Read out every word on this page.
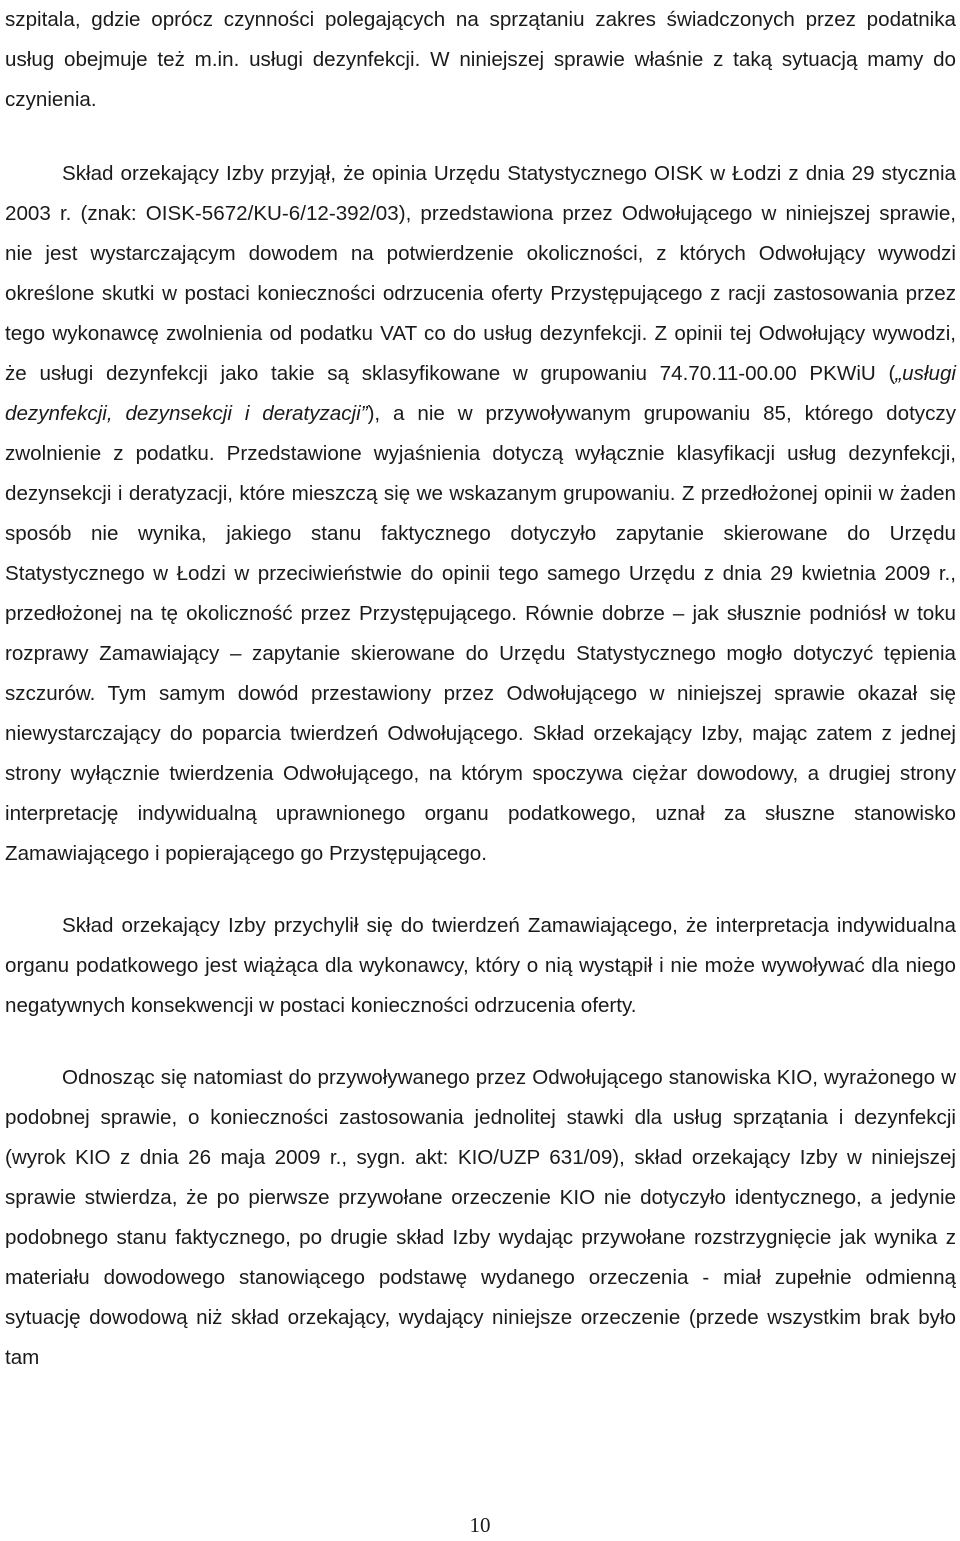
szpitala, gdzie oprócz czynności polegających na sprzątaniu zakres świadczonych przez podatnika usług obejmuje też m.in. usługi dezynfekcji. W niniejszej sprawie właśnie z taką sytuacją mamy do czynienia.

Skład orzekający Izby przyjął, że opinia Urzędu Statystycznego OISK w Łodzi z dnia 29 stycznia 2003 r. (znak: OISK-5672/KU-6/12-392/03), przedstawiona przez Odwołującego w niniejszej sprawie, nie jest wystarczającym dowodem na potwierdzenie okoliczności, z których Odwołujący wywodzi określone skutki w postaci konieczności odrzucenia oferty Przystępującego z racji zastosowania przez tego wykonawcę zwolnienia od podatku VAT co do usług dezynfekcji. Z opinii tej Odwołujący wywodzi, że usługi dezynfekcji jako takie są sklasyfikowane w grupowaniu 74.70.11-00.00 PKWiU („usługi dezynfekcji, dezynsekcji i deratyzacji”), a nie w przywoływanym grupowaniu 85, którego dotyczy zwolnienie z podatku. Przedstawione wyjaśnienia dotyczą wyłącznie klasyfikacji usług dezynfekcji, dezynsekcji i deratyzacji, które mieszczą się we wskazanym grupowaniu. Z przedłożonej opinii w żaden sposób nie wynika, jakiego stanu faktycznego dotyczyło zapytanie skierowane do Urzędu Statystycznego w Łodzi w przeciwieństwie do opinii tego samego Urzędu z dnia 29 kwietnia 2009 r., przedłożonej na tę okoliczność przez Przystępującego. Równie dobrze – jak słusznie podniósł w toku rozprawy Zamawiający – zapytanie skierowane do Urzędu Statystycznego mogło dotyczyć tępienia szczurów. Tym samym dowód przestawiony przez Odwołującego w niniejszej sprawie okazał się niewystarczający do poparcia twierdzeń Odwołującego. Skład orzekający Izby, mając zatem z jednej strony wyłącznie twierdzenia Odwołującego, na którym spoczywa ciężar dowodowy, a drugiej strony interpretację indywidualną uprawnionego organu podatkowego, uznał za słuszne stanowisko Zamawiającego i popierającego go Przystępującego.

Skład orzekający Izby przychylił się do twierdzeń Zamawiającego, że interpretacja indywidualna organu podatkowego jest wiążąca dla wykonawcy, który o nią wystąpił i nie może wywoływać dla niego negatywnych konsekwencji w postaci konieczności odrzucenia oferty.

Odnosząc się natomiast do przywoływanego przez Odwołującego stanowiska KIO, wyrażonego w podobnej sprawie, o konieczności zastosowania jednolitej stawki dla usług sprzątania i dezynfekcji (wyrok KIO z dnia 26 maja 2009 r., sygn. akt: KIO/UZP 631/09), skład orzekający Izby w niniejszej sprawie stwierdza, że po pierwsze przywołane orzeczenie KIO nie dotyczyło identycznego, a jedynie podobnego stanu faktycznego, po drugie skład Izby wydając przywołane rozstrzygnięcie jak wynika z materiału dowodowego stanowiącego podstawę wydanego orzeczenia - miał zupełnie odmienną sytuację dowodową niż skład orzekający, wydający niniejsze orzeczenie (przede wszystkim brak było tam

10
